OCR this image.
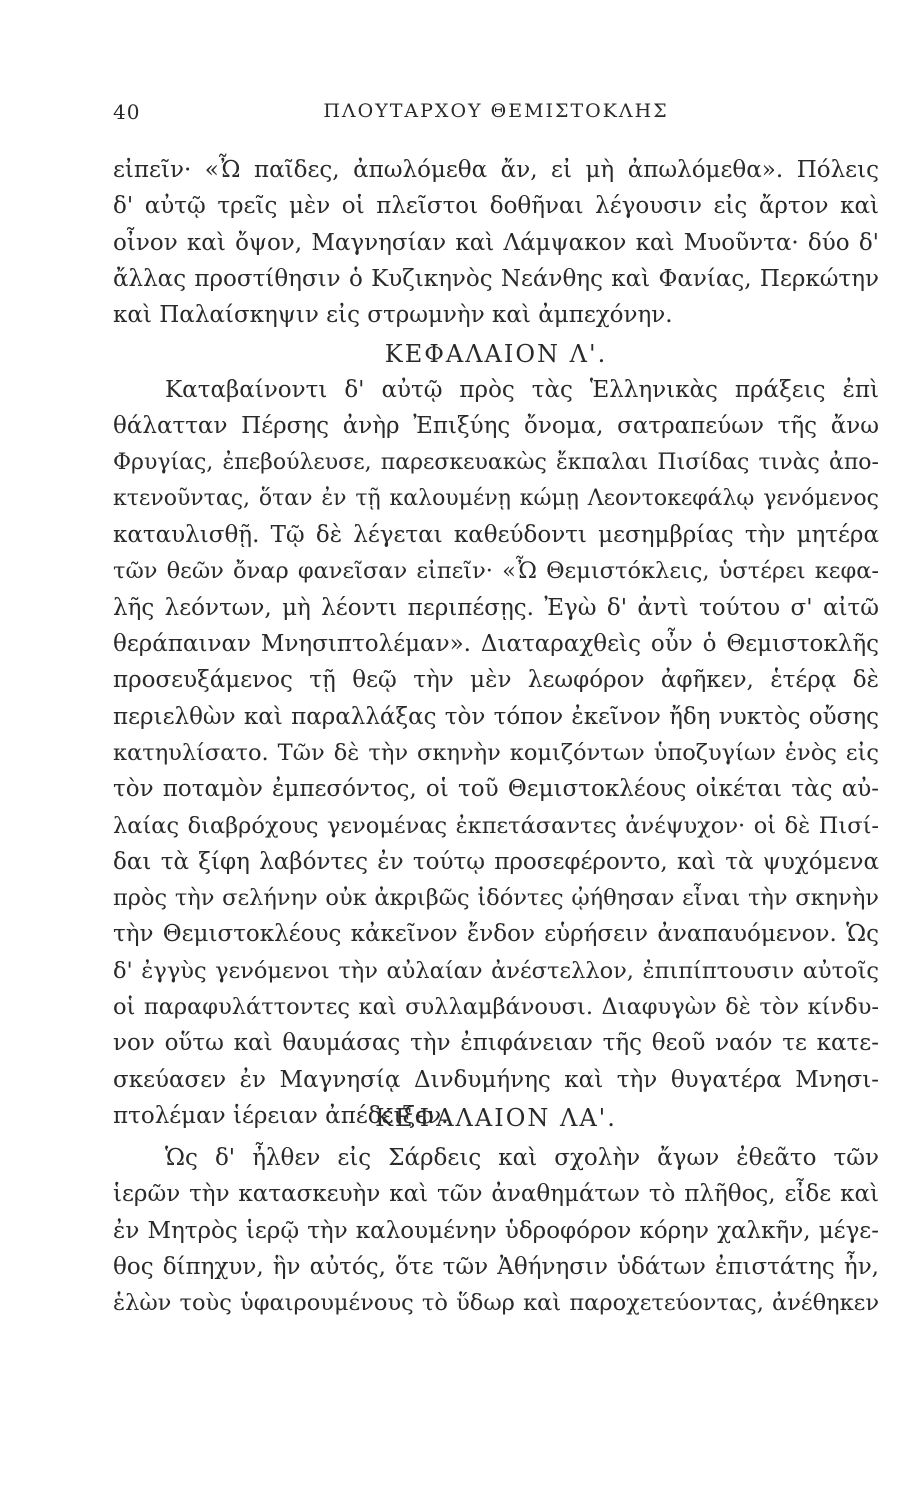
40	ΠΛΟΥΤΑΡΧΟΥ ΘΕΜΙΣΤΟΚΛΗΣ
εἰπεῖν· «Ὦ παῖδες, ἀπωλόμεθα ἄν, εἰ μὴ ἀπωλόμεθα». Πόλεις
δ' αὐτῷ τρεῖς μὲν οἱ πλεῖστοι δοθῆναι λέγουσιν εἰς ἄρτον καὶ
οἶνον καὶ ὄψον, Μαγνησίαν καὶ Λάμψακον καὶ Μυοῦντα· δύο δ'
ἄλλας προστίθησιν ὁ Κυζικηνὸς Νεάνθης καὶ Φανίας, Περκώτην
καὶ Παλαίσκηψιν εἰς στρωμνὴν καὶ ἀμπεχόνην.
ΚΕΦΑΛΑΙΟΝ Λ'.
Καταβαίνοντι δ' αὐτῷ πρὸς τὰς Ἑλληνικὰς πράξεις ἐπὶ
θάλατταν Πέρσης ἀνὴρ Ἐπιξύης ὄνομα, σατραπεύων τῆς ἄνω
Φρυγίας, ἐπεβούλευσε, παρεσκευακὼς ἔκπαλαι Πισίδας τινὰς ἀπο-
κτενοῦντας, ὅταν ἐν τῇ καλουμένῃ κώμῃ Λεοντοκεφάλῳ γενόμενος
καταυλισθῇ. Τῷ δὲ λέγεται καθεύδοντι μεσημβρίας τὴν μητέρα
τῶν θεῶν ὄναρ φανεῖσαν εἰπεῖν· «Ὦ Θεμιστόκλεις, ὑστέρει κεφα-
λῆς λεόντων, μὴ λέοντι περιπέσῃς. Ἐγὼ δ' ἀντὶ τούτου σ' αἰτῶ
θεράπαιναν Μνησιπτολέμαν». Διαταραχθεὶς οὖν ὁ Θεμιστοκλῆς
προσευξάμενος τῇ θεῷ τὴν μὲν λεωφόρον ἀφῆκεν, ἑτέρᾳ δὲ
περιελθὼν καὶ παραλλάξας τὸν τόπον ἐκεῖνον ἤδη νυκτὸς οὔσης
κατηυλίσατο. Τῶν δὲ τὴν σκηνὴν κομιζόντων ὑποζυγίων ἑνὸς εἰς
τὸν ποταμὸν ἐμπεσόντος, οἱ τοῦ Θεμιστοκλέους οἰκέται τὰς αὐ-
λαίας διαβρόχους γενομένας ἐκπετάσαντες ἀνέψυχον· οἱ δὲ Πισί-
δαι τὰ ξίφη λαβόντες ἐν τούτῳ προσεφέροντο, καὶ τὰ ψυχόμενα
πρὸς τὴν σελήνην οὐκ ἀκριβῶς ἰδόντες ᾠήθησαν εἶναι τὴν σκηνὴν
τὴν Θεμιστοκλέους κἀκεῖνον ἔνδον εὑρήσειν ἀναπαυόμενον. Ὡς
δ' ἐγγὺς γενόμενοι τὴν αὐλαίαν ἀνέστελλον, ἐπιπίπτουσιν αὐτοῖς
οἱ παραφυλάττοντες καὶ συλλαμβάνουσι. Διαφυγὼν δὲ τὸν κίνδυ-
νον οὕτω καὶ θαυμάσας τὴν ἐπιφάνειαν τῆς θεοῦ ναόν τε κατε-
σκεύασεν ἐν Μαγνησίᾳ Δινδυμήνης καὶ τὴν θυγατέρα Μνησι-
πτολέμαν ἱέρειαν ἀπέδειξεν.
ΚΕΦΑΛΑΙΟΝ ΛΑ'.
Ὡς δ' ἦλθεν εἰς Σάρδεις καὶ σχολὴν ἄγων ἐθεᾶτο τῶν
ἱερῶν τὴν κατασκευὴν καὶ τῶν ἀναθημάτων τὸ πλῆθος, εἶδε καὶ
ἐν Μητρὸς ἱερῷ τὴν καλουμένην ὑδροφόρον κόρην χαλκῆν, μέγε-
θος δίπηχυν, ἣν αὐτός, ὅτε τῶν Ἀθήνησιν ὑδάτων ἐπιστάτης ἦν,
ἑλὼν τοὺς ὑφαιρουμένους τὸ ὕδωρ καὶ παροχετεύοντας, ἀνέθηκεν
